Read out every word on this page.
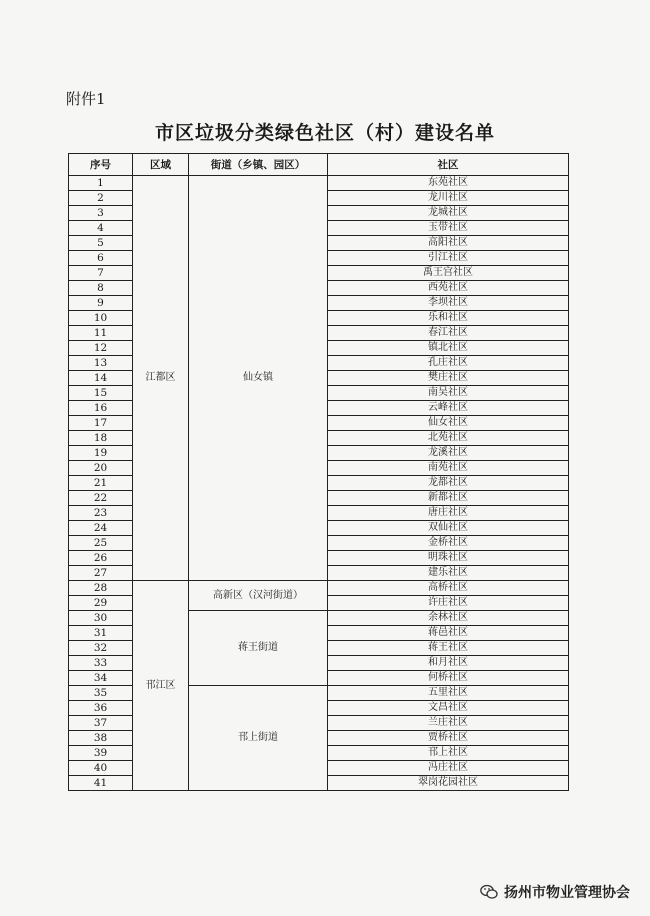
附件1
市区垃圾分类绿色社区（村）建设名单
序号	区域	街道（乡镇、园区）	社区
1	江都区	仙女镇	东苑社区
2			龙川社区
3			龙城社区
4			玉带社区
5			高阳社区
6			引江社区
7			禹王宫社区
8			西苑社区
9			李坝社区
10			乐和社区
11			春江社区
12			镇北社区
13			孔庄社区
14			樊庄社区
15			南吴社区
16			云峰社区
17			仙女社区
18			北苑社区
19			龙溪社区
20			南苑社区
21			龙都社区
22			新都社区
23			唐庄社区
24			双仙社区
25			金桥社区
26			明珠社区
27			建乐社区
28	邗江区	高新区（汉河街道）	高桥社区
29			许庄社区
30		蒋王街道	余林社区
31			蒋邑社区
32			蒋王社区
33			和月社区
34			何桥社区
35		邗上街道	五里社区
36			文昌社区
37			兰庄社区
38			贾桥社区
39			邗上社区
40			冯庄社区
41			翠岗花园社区
扬州市物业管理协会
